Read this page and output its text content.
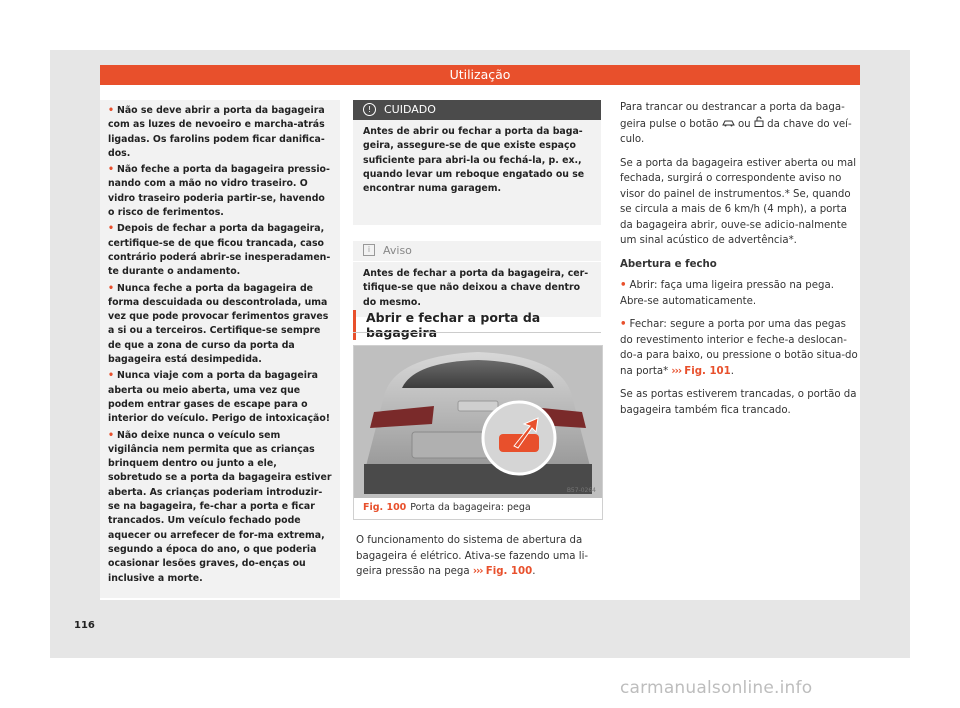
Utilização
• Não se deve abrir a porta da bagageira com as luzes de nevoeiro e marcha-atrás ligadas. Os farolins podem ficar danifica-dos.
• Não feche a porta da bagageira pressio-nando com a mão no vidro traseiro. O vidro traseiro poderia partir-se, havendo o risco de ferimentos.
• Depois de fechar a porta da bagageira, certifique-se de que ficou trancada, caso contrário poderá abrir-se inesperadamen-te durante o andamento.
• Nunca feche a porta da bagageira de forma descuidada ou descontrolada, uma vez que pode provocar ferimentos graves a si ou a terceiros. Certifique-se sempre de que a zona de curso da porta da bagageira está desimpedida.
• Nunca viaje com a porta da bagageira aberta ou meio aberta, uma vez que podem entrar gases de escape para o interior do veículo. Perigo de intoxicação!
• Não deixe nunca o veículo sem vigilância nem permita que as crianças brinquem dentro ou junto a ele, sobretudo se a porta da bagageira estiver aberta. As crianças poderiam introduzir-se na bagageira, fe-char a porta e ficar trancados. Um veículo fechado pode aquecer ou arrefecer de for-ma extrema, segundo a época do ano, o que poderia ocasionar lesões graves, do-enças ou inclusive a morte.
! CUIDADO
Antes de abrir ou fechar a porta da baga-geira, assegure-se de que existe espaço suficiente para abri-la ou fechá-la, p. ex., quando levar um reboque engatado ou se encontrar numa garagem.
i Aviso
Antes de fechar a porta da bagageira, cer-tifique-se que não deixou a chave dentro do mesmo.
Abrir e fechar a porta da bagageira
B57-0264
Fig. 100 Porta da bagageira: pega
O funcionamento do sistema de abertura da bagageira é elétrico. Ativa-se fazendo uma li-geira pressão na pega ››› Fig. 100.

Para trancar ou destrancar a porta da baga-geira pulse o botão ou da chave do veí-culo.

Se a porta da bagageira estiver aberta ou mal fechada, surgirá o correspondente aviso no visor do painel de instrumentos.* Se, quando se circula a mais de 6 km/h (4 mph), a porta da bagageira abrir, ouve-se adicio-nalmente um sinal acústico de advertência*.

Abertura e fecho

• Abrir: faça uma ligeira pressão na pega. Abre-se automaticamente.

• Fechar: segure a porta por uma das pegas do revestimento interior e feche-a deslocan-do-a para baixo, ou pressione o botão situa-do na porta* ››› Fig. 101.

Se as portas estiverem trancadas, o portão da bagageira também fica trancado.

116
carmanualsonline.info
